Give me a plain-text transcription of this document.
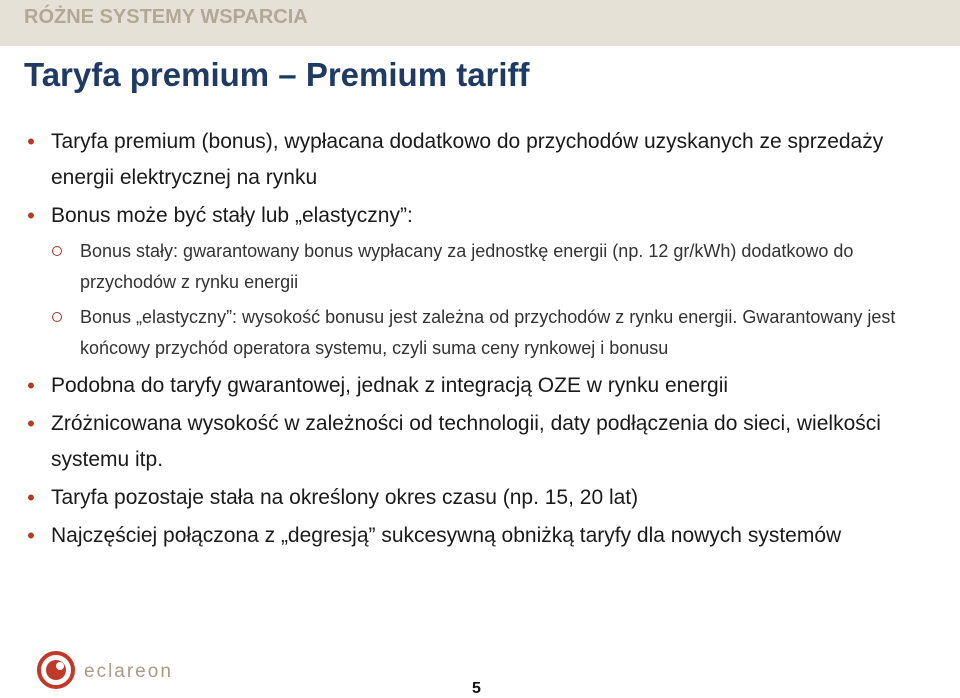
RÓŻNE SYSTEMY WSPARCIA
Taryfa premium – Premium tariff
• Taryfa premium (bonus), wypłacana dodatkowo do przychodów uzyskanych ze sprzedaży energii elektrycznej na rynku
• Bonus może być stały lub „elastyczny”:
Bonus stały: gwarantowany bonus wypłacany za jednostkę energii (np. 12 gr/kWh) dodatkowo do przychodów z rynku energii
Bonus „elastyczny”: wysokość bonusu jest zależna od przychodów z rynku energii. Gwarantowany jest końcowy przychód operatora systemu, czyli suma ceny rynkowej i bonusu
• Podobna do taryfy gwarantowej, jednak z integracją OZE w rynku energii
• Zróżnicowana wysokość w zależności od technologii, daty podłączenia do sieci, wielkości systemu itp.
• Taryfa pozostaje stała na określony okres czasu (np. 15, 20 lat)
• Najczęściej połączona z „degresją” sukcesywną obniżką taryfy dla nowych systemów
eclareon
5
